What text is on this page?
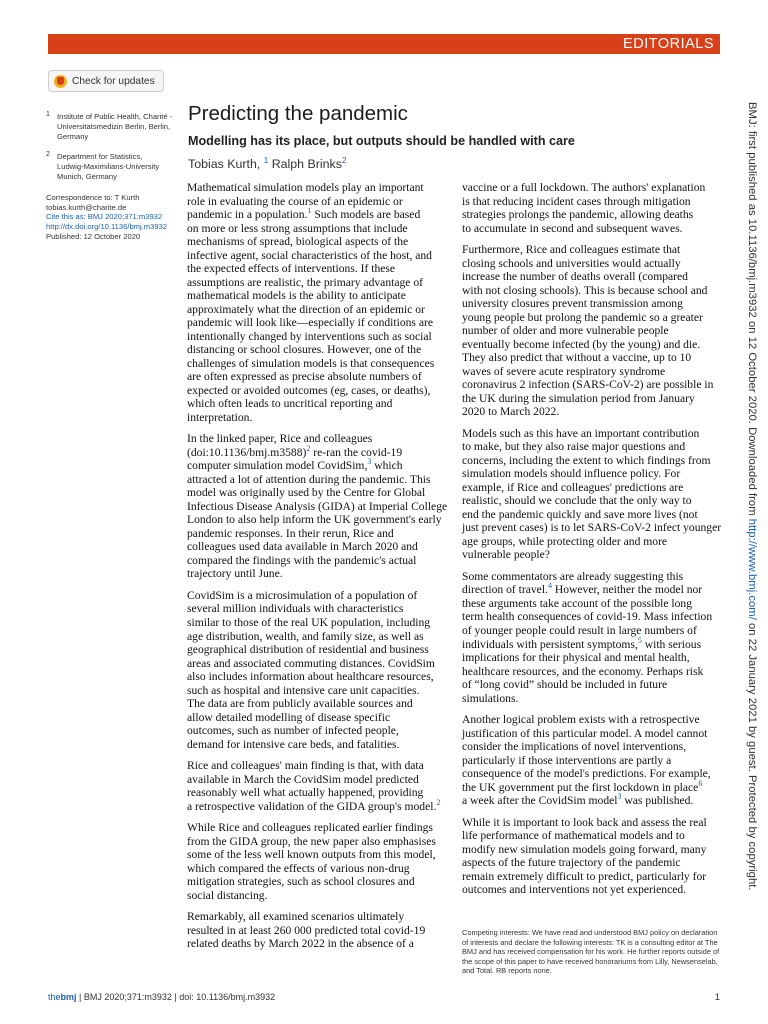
EDITORIALS
Check for updates
1 Institute of Public Health, Charité -
Universitatsmedizin Berlin, Berlin,
Germany
2 Department for Statistics,
Ludwig-Maximilians-University
Munich, Germany
Correspondence to: T Kurth
tobias.kurth@charite.de
Cite this as: BMJ 2020;371:m3932
http://dx.doi.org/10.1136/bmj.m3932
Published: 12 October 2020
Predicting the pandemic
Modelling has its place, but outputs should be handled with care
Tobias Kurth, $^1$ Ralph Brinks$^2$
Mathematical simulation models play an important
role in evaluating the course of an epidemic or
pandemic in a population.$^1$ Such models are based
on more or less strong assumptions that include
mechanisms of spread, biological aspects of the
infective agent, social characteristics of the host, and
the expected effects of interventions. If these
assumptions are realistic, the primary advantage of
mathematical models is the ability to anticipate
approximately what the direction of an epidemic or
pandemic will look like—especially if conditions are
intentionally changed by interventions such as social
distancing or school closures. However, one of the
challenges of simulation models is that consequences
are often expressed as precise absolute numbers of
expected or avoided outcomes (eg, cases, or deaths),
which often leads to uncritical reporting and
interpretation.
In the linked paper, Rice and colleagues
(doi:10.1136/bmj.m3588)$^2$ re-ran the covid-19
computer simulation model CovidSim,$^3$ which
attracted a lot of attention during the pandemic. This
model was originally used by the Centre for Global
Infectious Disease Analysis (GIDA) at Imperial College
London to also help inform the UK government's early
pandemic responses. In their rerun, Rice and
colleagues used data available in March 2020 and
compared the findings with the pandemic's actual
trajectory until June.
CovidSim is a microsimulation of a population of
several million individuals with characteristics
similar to those of the real UK population, including
age distribution, wealth, and family size, as well as
geographical distribution of residential and business
areas and associated commuting distances. CovidSim
also includes information about healthcare resources,
such as hospital and intensive care unit capacities.
The data are from publicly available sources and
allow detailed modelling of disease specific
outcomes, such as number of infected people,
demand for intensive care beds, and fatalities.
Rice and colleagues' main finding is that, with data
available in March the CovidSim model predicted
reasonably well what actually happened, providing
a retrospective validation of the GIDA group's model.$^2$
While Rice and colleagues replicated earlier findings
from the GIDA group, the new paper also emphasises
some of the less well known outputs from this model,
which compared the effects of various non-drug
mitigation strategies, such as school closures and
social distancing.
Remarkably, all examined scenarios ultimately
resulted in at least 260 000 predicted total covid-19
related deaths by March 2022 in the absence of a
vaccine or a full lockdown. The authors' explanation
is that reducing incident cases through mitigation
strategies prolongs the pandemic, allowing deaths
to accumulate in second and subsequent waves.
Furthermore, Rice and colleagues estimate that
closing schools and universities would actually
increase the number of deaths overall (compared
with not closing schools). This is because school and
university closures prevent transmission among
young people but prolong the pandemic so a greater
number of older and more vulnerable people
eventually become infected (by the young) and die.
They also predict that without a vaccine, up to 10
waves of severe acute respiratory syndrome
coronavirus 2 infection (SARS-CoV-2) are possible in
the UK during the simulation period from January
2020 to March 2022.
Models such as this have an important contribution
to make, but they also raise major questions and
concerns, including the extent to which findings from
simulation models should influence policy. For
example, if Rice and colleagues' predictions are
realistic, should we conclude that the only way to
end the pandemic quickly and save more lives (not
just prevent cases) is to let SARS-CoV-2 infect younger
age groups, while protecting older and more
vulnerable people?
Some commentators are already suggesting this
direction of travel.$^4$ However, neither the model nor
these arguments take account of the possible long
term health consequences of covid-19. Mass infection
of younger people could result in large numbers of
individuals with persistent symptoms,$^5$ with serious
implications for their physical and mental health,
healthcare resources, and the economy. Perhaps risk
of “long covid” should be included in future
simulations.
Another logical problem exists with a retrospective
justification of this particular model. A model cannot
consider the implications of novel interventions,
particularly if those interventions are partly a
consequence of the model's predictions. For example,
the UK government put the first lockdown in place$^6$
a week after the CovidSim model$^3$ was published.
While it is important to look back and assess the real
life performance of mathematical models and to
modify new simulation models going forward, many
aspects of the future trajectory of the pandemic
remain extremely difficult to predict, particularly for
outcomes and interventions not yet experienced.
Competing interests: We have read and understood BMJ policy on declaration
of interests and declare the following interests: TK is a consulting editor at The
BMJ and has received compensation for his work. He further reports outside of
the scope of this paper to have received honorariums from Lilly, Newsenselab,
and Total. RB reports none.
BMJ: first published as 10.1136/bmj.m3932 on 12 October 2020. Downloaded from http://www.bmj.com/ on 22 January 2021 by guest. Protected by copyright.
thebmj | BMJ 2020;371:m3932 | doi: 10.1136/bmj.m3932	1
